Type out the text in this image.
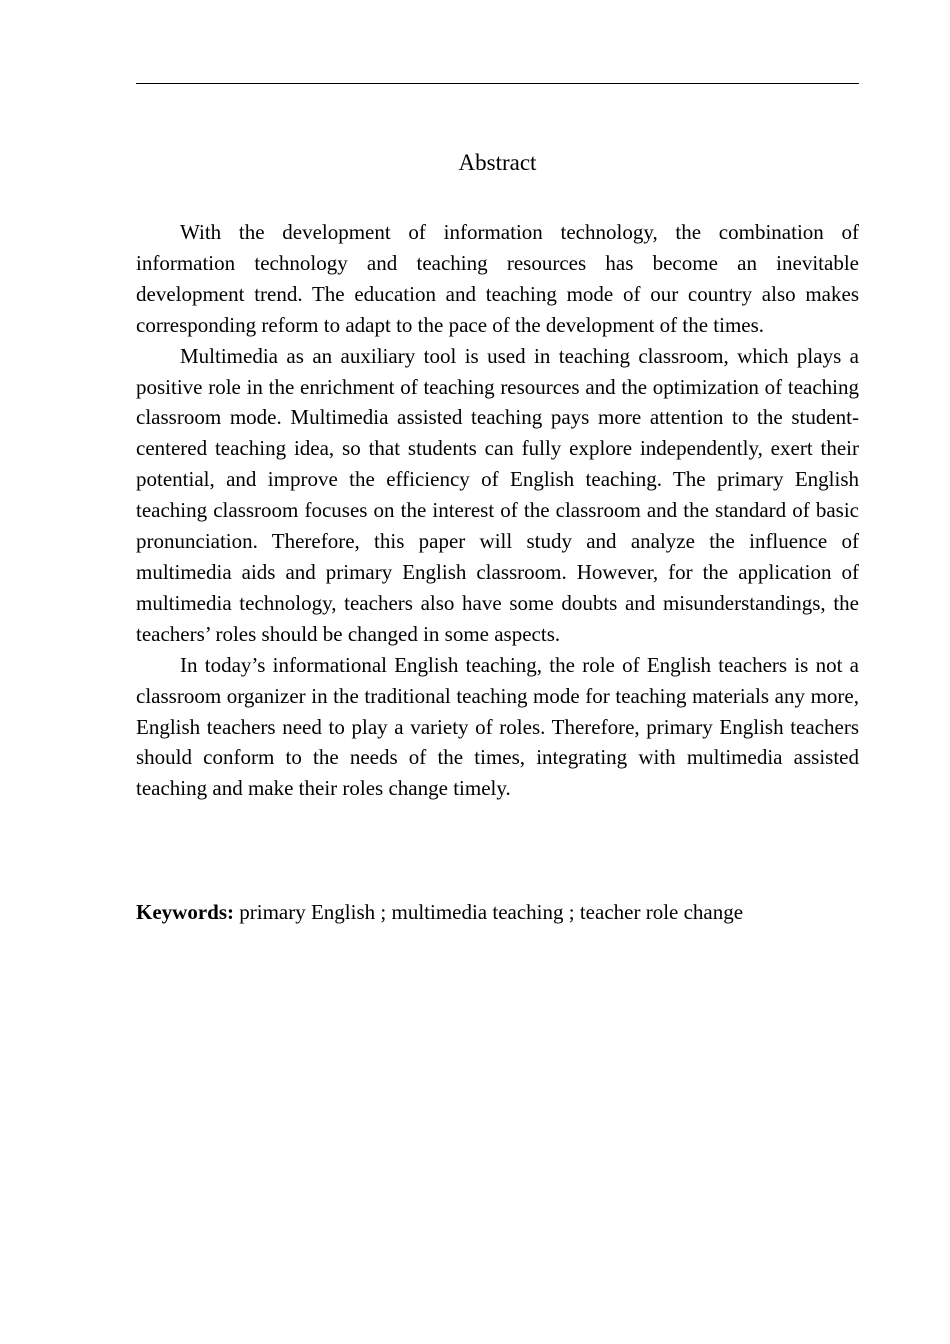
Abstract

With the development of information technology, the combination of information technology and teaching resources has become an inevitable development trend. The education and teaching mode of our country also makes corresponding reform to adapt to the pace of the development of the times.

Multimedia as an auxiliary tool is used in teaching classroom, which plays a positive role in the enrichment of teaching resources and the optimization of teaching classroom mode. Multimedia assisted teaching pays more attention to the student-centered teaching idea, so that students can fully explore independently, exert their potential, and improve the efficiency of English teaching. The primary English teaching classroom focuses on the interest of the classroom and the standard of basic pronunciation. Therefore, this paper will study and analyze the influence of multimedia aids and primary English classroom. However, for the application of multimedia technology, teachers also have some doubts and misunderstandings, the teachers’ roles should be changed in some aspects.

In today’s informational English teaching, the role of English teachers is not a classroom organizer in the traditional teaching mode for teaching materials any more, English teachers need to play a variety of roles. Therefore, primary English teachers should conform to the needs of the times, integrating with multimedia assisted teaching and make their roles change timely.

Keywords: primary English ; multimedia teaching ; teacher role change
